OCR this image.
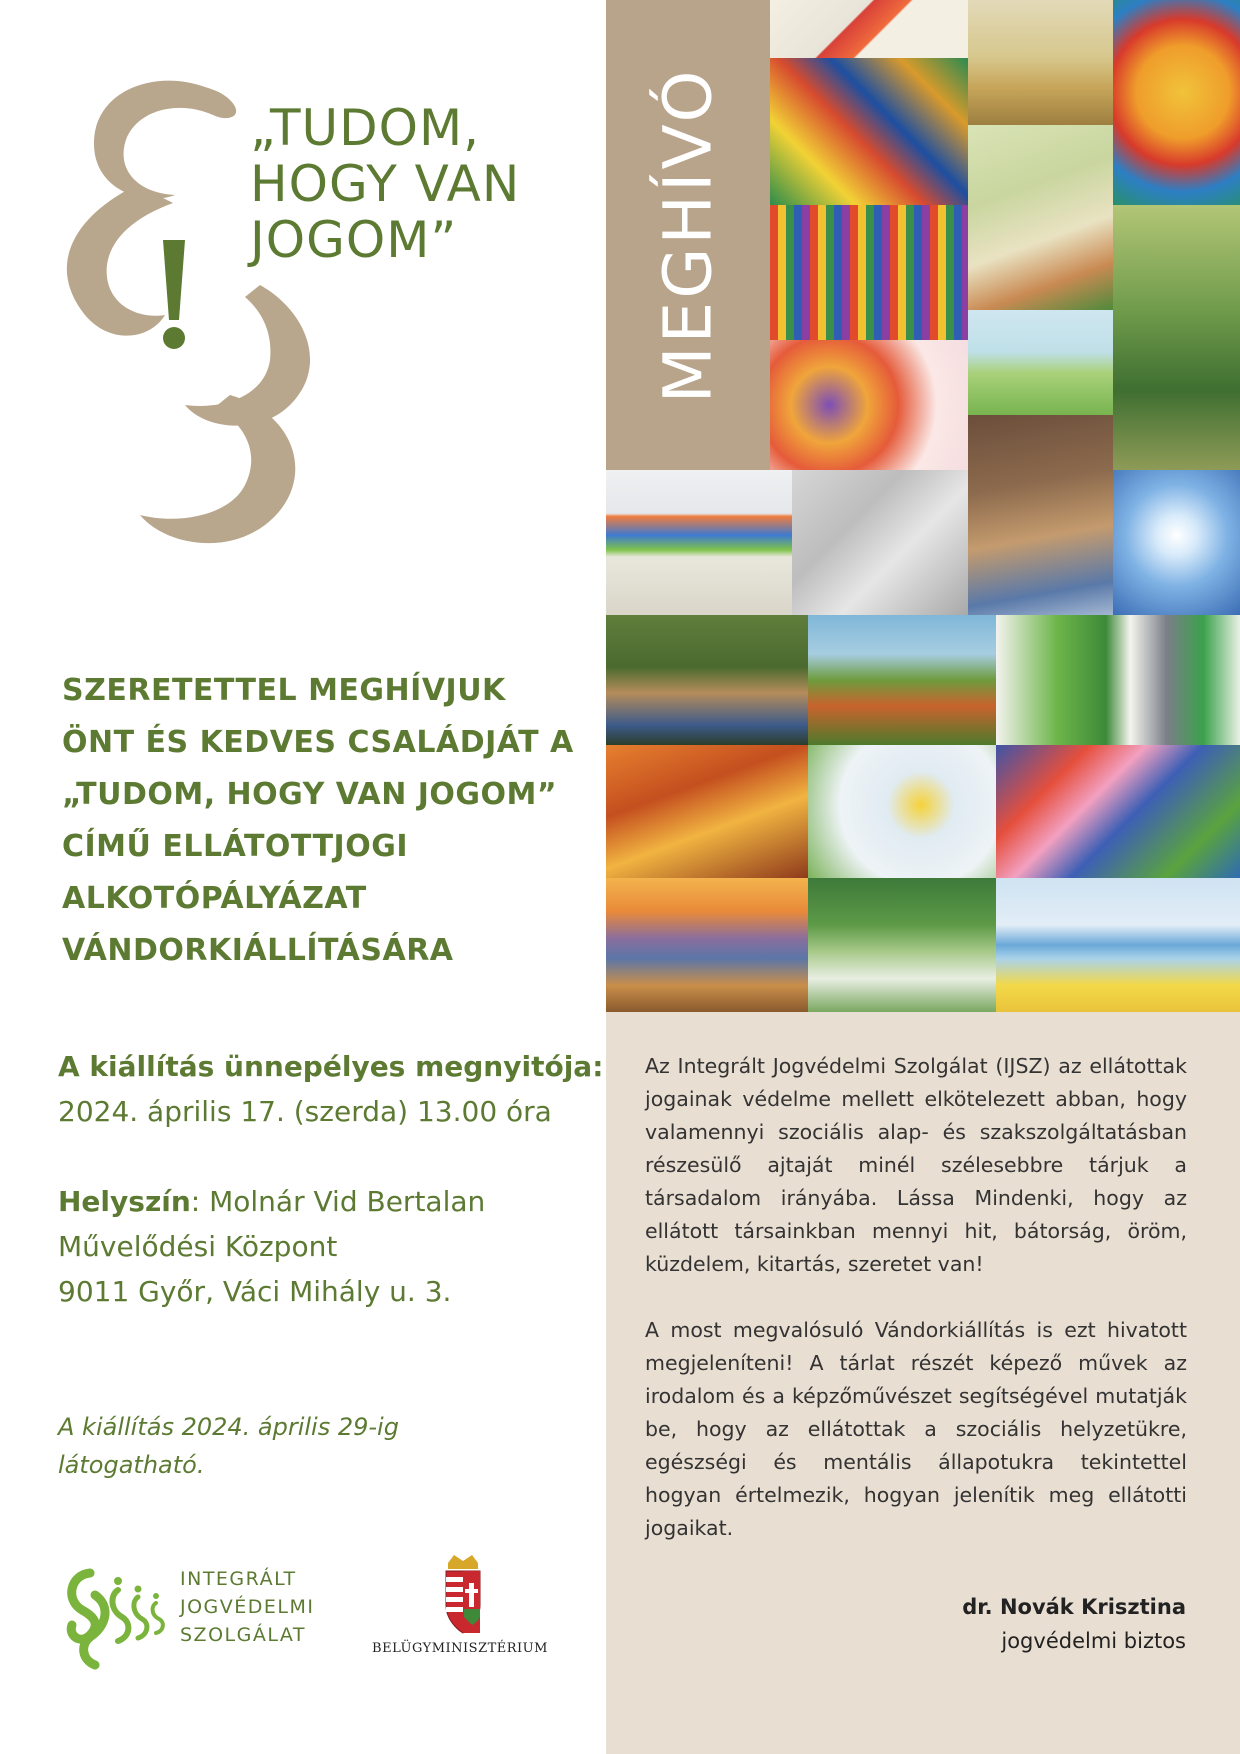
MEGHÍVÓ
„TUDOM,
HOGY VAN
JOGOM”
SZERETETTEL MEGHÍVJUK
ÖNT ÉS KEDVES CSALÁDJÁT A
„TUDOM, HOGY VAN JOGOM”
CÍMŰ ELLÁTOTTJOGI
ALKOTÓPÁLYÁZAT
VÁNDORKIÁLLÍTÁSÁRA
A kiállítás ünnepélyes megnyitója:
2024. április 17. (szerda) 13.00 óra
Helyszín: Molnár Vid Bertalan
Művelődési Központ
9011 Győr, Váci Mihály u. 3.
A kiállítás 2024. április 29-ig
látogatható.
INTEGRÁLT
JOGVÉDELMI
SZOLGÁLAT
BELÜGYMINISZTÉRIUM

Az Integrált Jogvédelmi Szolgálat (IJSZ) az ellátottak jogainak védelme mellett elkötelezett abban, hogy valamennyi szociális alap- és szakszolgáltatásban részesülő ajtaját minél szélesebbre tárjuk a társadalom irányába. Lássa Mindenki, hogy az ellátott társainkban mennyi hit, bátorság, öröm, küzdelem, kitartás, szeretet van!

A most megvalósuló Vándorkiállítás is ezt hivatott megjeleníteni! A tárlat részét képező művek az irodalom és a képzőművészet segítségével mutatják be, hogy az ellátottak a szociális helyzetükre, egészségi és mentális állapotukra tekintettel hogyan értelmezik, hogyan jelenítik meg ellátotti jogaikat.

dr. Novák Krisztina
jogvédelmi biztos
